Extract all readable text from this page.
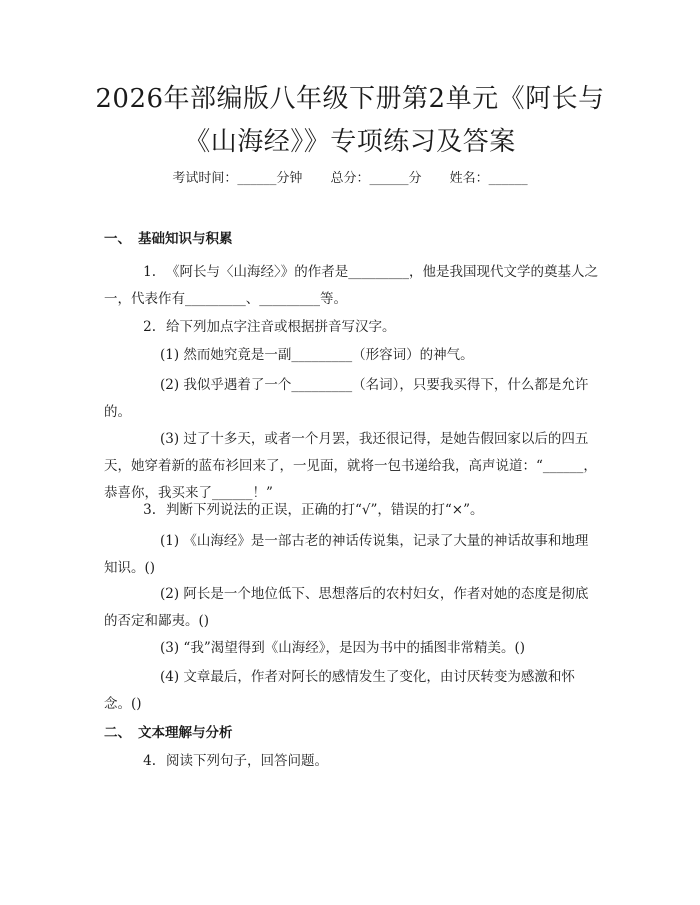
2026年部编版八年级下册第2单元《阿长与
《山海经》》专项练习及答案
考试时间：______分钟 总分：______分 姓名：______
一、 基础知识与积累
1. 《阿长与〈山海经〉》的作者是_________，他是我国现代文学的奠基人之一，代表作有_________、_________等。
2. 给下列加点字注音或根据拼音写汉字。
(1) 然而她究竟是一副_________（形容词）的神气。
(2) 我似乎遇着了一个_________（名词），只要我买得下，什么都是允许的。
(3) 过了十多天，或者一个月罢，我还很记得，是她告假回家以后的四五天，她穿着新的蓝布衫回来了，一见面，就将一包书递给我，高声说道：“______，恭喜你，我买来了______！”
3. 判断下列说法的正误，正确的打“√”，错误的打“×”。
(1) 《山海经》是一部古老的神话传说集，记录了大量的神话故事和地理知识。()
(2) 阿长是一个地位低下、思想落后的农村妇女，作者对她的态度是彻底的否定和鄙夷。()
(3) “我”渴望得到《山海经》，是因为书中的插图非常精美。()
(4) 文章最后，作者对阿长的感情发生了变化，由讨厌转变为感激和怀念。()
二、 文本理解与分析
4. 阅读下列句子，回答问题。
